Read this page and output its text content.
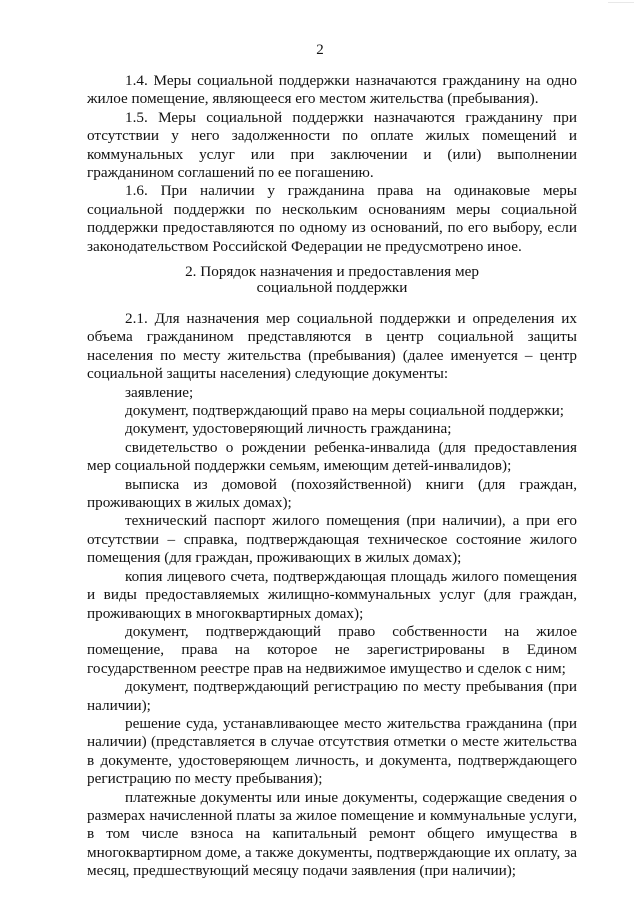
2

1.4. Меры социальной поддержки назначаются гражданину на одно жилое помещение, являющееся его местом жительства (пребывания).

1.5. Меры социальной поддержки назначаются гражданину при отсутствии у него задолженности по оплате жилых помещений и коммунальных услуг или при заключении и (или) выполнении гражданином соглашений по ее погашению.

1.6. При наличии у гражданина права на одинаковые меры социальной поддержки по нескольким основаниям меры социальной поддержки предоставляются по одному из оснований, по его выбору, если законодательством Российской Федерации не предусмотрено иное.

2. Порядок назначения и предоставления мер
социальной поддержки

2.1. Для назначения мер социальной поддержки и определения их объема гражданином представляются в центр социальной защиты населения по месту жительства (пребывания) (далее именуется – центр социальной защиты населения) следующие документы:

заявление;

документ, подтверждающий право на меры социальной поддержки;

документ, удостоверяющий личность гражданина;

свидетельство о рождении ребенка-инвалида (для предоставления мер социальной поддержки семьям, имеющим детей-инвалидов);

выписка из домовой (похозяйственной) книги (для граждан, проживающих в жилых домах);

технический паспорт жилого помещения (при наличии), а при его отсутствии – справка, подтверждающая техническое состояние жилого помещения (для граждан, проживающих в жилых домах);

копия лицевого счета, подтверждающая площадь жилого помещения и виды предоставляемых жилищно-коммунальных услуг (для граждан, проживающих в многоквартирных домах);

документ, подтверждающий право собственности на жилое помещение, права на которое не зарегистрированы в Едином государственном реестре прав на недвижимое имущество и сделок с ним;

документ, подтверждающий регистрацию по месту пребывания (при наличии);

решение суда, устанавливающее место жительства гражданина (при наличии) (представляется в случае отсутствия отметки о месте жительства в документе, удостоверяющем личность, и документа, подтверждающего регистрацию по месту пребывания);

платежные документы или иные документы, содержащие сведения о размерах начисленной платы за жилое помещение и коммунальные услуги, в том числе взноса на капитальный ремонт общего имущества в многоквартирном доме, а также документы, подтверждающие их оплату, за месяц, предшествующий месяцу подачи заявления (при наличии);
